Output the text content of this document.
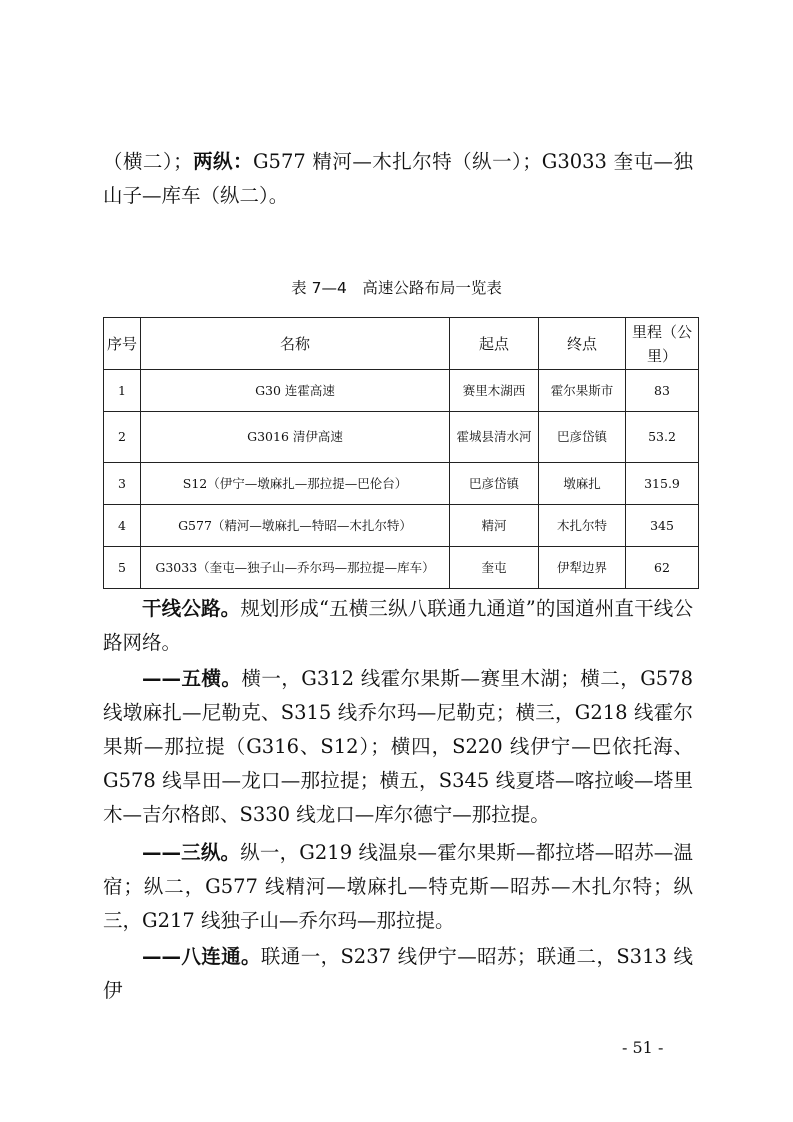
（横二）；两纵：G577 精河—木扎尔特（纵一）；G3033 奎屯—独山子—库车（纵二）。

表 7—4　高速公路布局一览表
序号	名称	起点	终点	里程（公里）
1	G30 连霍高速	赛里木湖西	霍尔果斯市	83
2	G3016 清伊高速	霍城县清水河	巴彦岱镇	53.2
3	S12（伊宁—墩麻扎—那拉提—巴伦台）	巴彦岱镇	墩麻扎	315.9
4	G577（精河—墩麻扎—特昭—木扎尔特）	精河	木扎尔特	345
5	G3033（奎屯—独子山—乔尔玛—那拉提—库车）	奎屯	伊犁边界	62

干线公路。规划形成“五横三纵八联通九通道”的国道州直干线公路网络。

——五横。横一，G312 线霍尔果斯—赛里木湖；横二，G578 线墩麻扎—尼勒克、S315 线乔尔玛—尼勒克；横三，G218 线霍尔果斯—那拉提（G316、S12）；横四，S220 线伊宁—巴依托海、G578 线旱田—龙口—那拉提；横五，S345 线夏塔—喀拉峻—塔里木—吉尔格郎、S330 线龙口—库尔德宁—那拉提。

——三纵。纵一，G219 线温泉—霍尔果斯—都拉塔—昭苏—温宿；纵二，G577 线精河—墩麻扎—特克斯—昭苏—木扎尔特；纵三，G217 线独子山—乔尔玛—那拉提。

——八连通。联通一，S237 线伊宁—昭苏；联通二，S313 线伊

- 51 -
